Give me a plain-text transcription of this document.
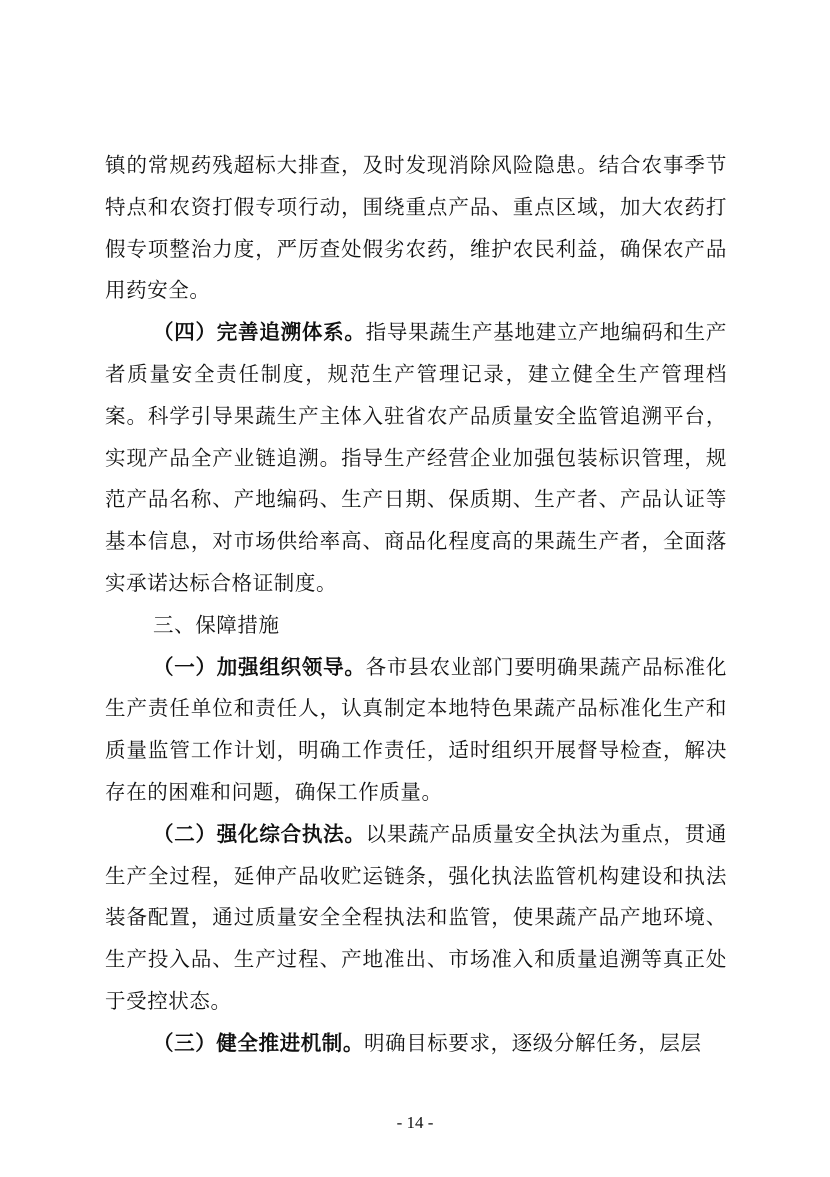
镇的常规药残超标大排查，及时发现消除风险隐患。结合农事季节特点和农资打假专项行动，围绕重点产品、重点区域，加大农药打假专项整治力度，严厉查处假劣农药，维护农民利益，确保农产品用药安全。

（四）完善追溯体系。指导果蔬生产基地建立产地编码和生产者质量安全责任制度，规范生产管理记录，建立健全生产管理档案。科学引导果蔬生产主体入驻省农产品质量安全监管追溯平台，实现产品全产业链追溯。指导生产经营企业加强包装标识管理，规范产品名称、产地编码、生产日期、保质期、生产者、产品认证等基本信息，对市场供给率高、商品化程度高的果蔬生产者，全面落实承诺达标合格证制度。

三、保障措施

（一）加强组织领导。各市县农业部门要明确果蔬产品标准化生产责任单位和责任人，认真制定本地特色果蔬产品标准化生产和质量监管工作计划，明确工作责任，适时组织开展督导检查，解决存在的困难和问题，确保工作质量。

（二）强化综合执法。以果蔬产品质量安全执法为重点，贯通生产全过程，延伸产品收贮运链条，强化执法监管机构建设和执法装备配置，通过质量安全全程执法和监管，使果蔬产品产地环境、生产投入品、生产过程、产地准出、市场准入和质量追溯等真正处于受控状态。

（三）健全推进机制。明确目标要求，逐级分解任务，层层

- 14 -
